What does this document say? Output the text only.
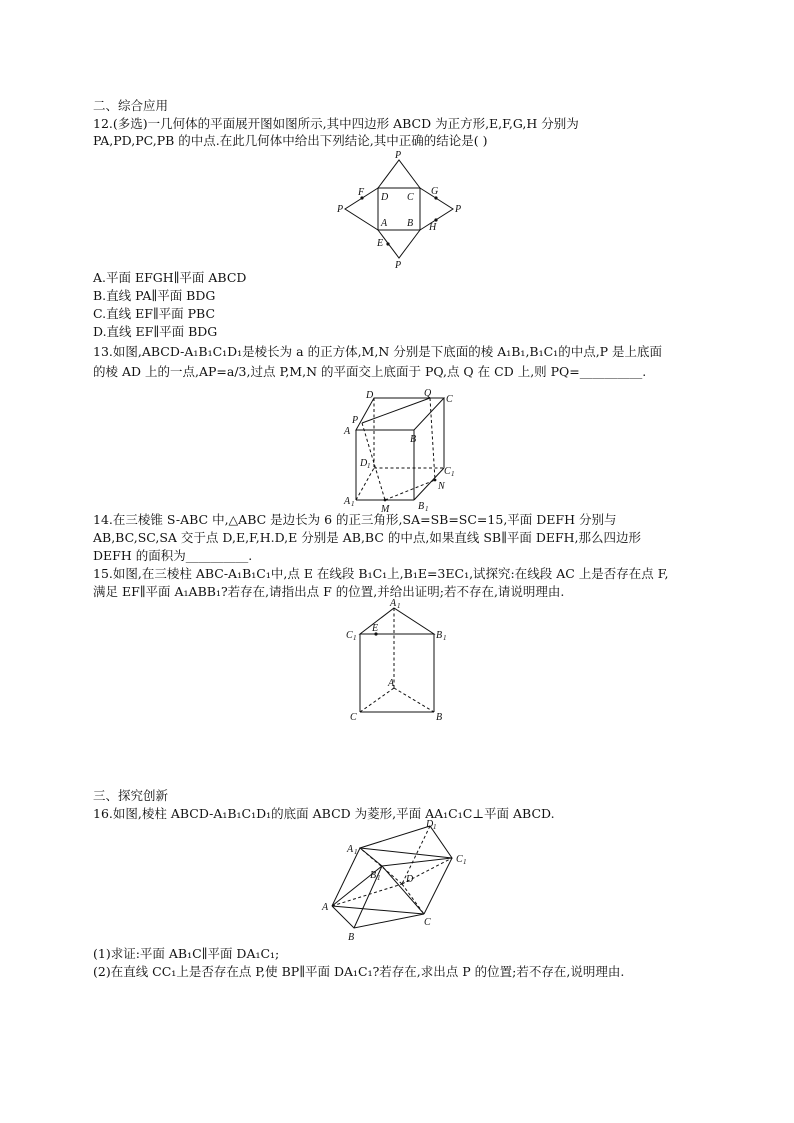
二、综合应用
12.(多选)一几何体的平面展开图如图所示,其中四边形 ABCD 为正方形,E,F,G,H 分别为
PA,PD,PC,PB 的中点.在此几何体中给出下列结论,其中正确的结论是( )
P
P	P
P
D C
A B
F	G
H
E
A.平面 EFGH∥平面 ABCD
B.直线 PA∥平面 BDG
C.直线 EF∥平面 PBC
D.直线 EF∥平面 BDG
13.如图,ABCD-A₁B₁C₁D₁是棱长为 a 的正方体,M,N 分别是下底面的棱 A₁B₁,B₁C₁的中点,P 是上底面
的棱 AD 上的一点,AP=a/3,过点 P,M,N 的平面交上底面于 PQ,点 Q 在 CD 上,则 PQ=__________.
A
B
C
D
P
Q
A 1	B 1
C 1
D 1
M
N
14.在三棱锥 S-ABC 中,△ABC 是边长为 6 的正三角形,SA=SB=SC=15,平面 DEFH 分别与
AB,BC,SC,SA 交于点 D,E,F,H.D,E 分别是 AB,BC 的中点,如果直线 SB∥平面 DEFH,那么四边形
DEFH 的面积为__________.
15.如图,在三棱柱 ABC-A₁B₁C₁中,点 E 在线段 B₁C₁上,B₁E=3EC₁,试探究:在线段 AC 上是否存在点 F,
满足 EF∥平面 A₁ABB₁?若存在,请指出点 F 的位置,并给出证明;若不存在,请说明理由.
A 1
C 1	B 1
E
A
C	B
三、探究创新
16.如图,棱柱 ABCD-A₁B₁C₁D₁的底面 ABCD 为菱形,平面 AA₁C₁C⊥平面 ABCD.
A 1
B 1
C 1
D 1
A
B
C
D
(1)求证:平面 AB₁C∥平面 DA₁C₁;
(2)在直线 CC₁上是否存在点 P,使 BP∥平面 DA₁C₁?若存在,求出点 P 的位置;若不存在,说明理由.
